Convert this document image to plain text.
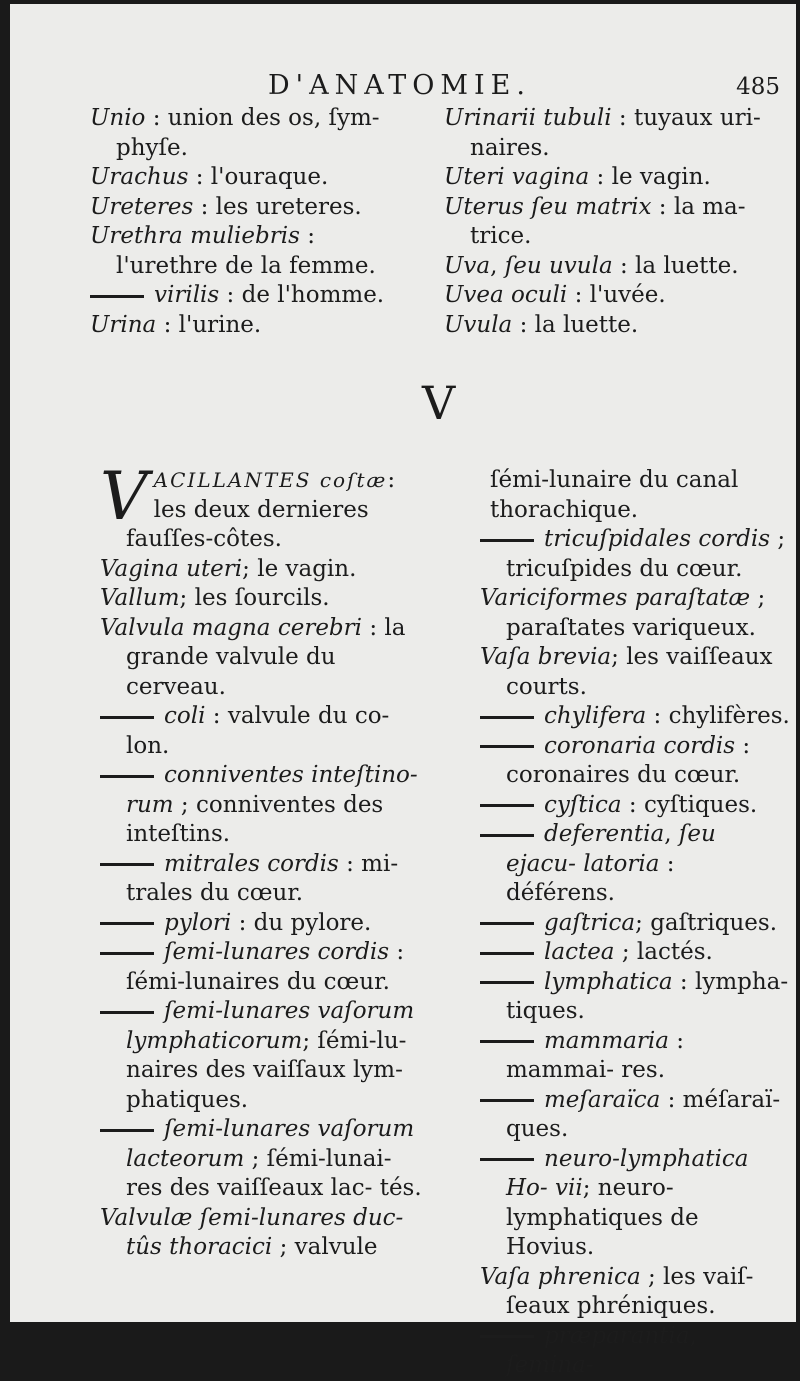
D'ANATOMIE.	485

Unio : union des os, ſym- phyſe.

Urachus : l'ouraque.

Ureteres : les ureteres.

Urethra muliebris : l'urethre de la femme.

virilis : de l'homme.

Urina : l'urine.

Urinarii tubuli : tuyaux uri- naires.

Uteri vagina : le vagin.

Uterus ſeu matrix : la ma- trice.

Uva, ſeu uvula : la luette.

Uvea oculi : l'uvée.

Uvula : la luette.

V

VACILLANTES coſtæ: les deux dernieres fauſſes-côtes.

Vagina uteri; le vagin.

Vallum; les ſourcils.

Valvula magna cerebri : la grande valvule du cerveau.

coli : valvule du co- lon.

conniventes inteſtino- rum ; conniventes des inteſtins.

mitrales cordis : mi- trales du cœur.

pylori : du pylore.

ſemi-lunares cordis : ſémi-lunaires du cœur.

ſemi-lunares vaſorum lymphaticorum; ſémi-lu- naires des vaiſſaux lym- phatiques.

ſemi-lunares vaſorum lacteorum ; ſémi-lunai- res des vaiſſeaux lac- tés.

Valvulæ ſemi-lunares duc- tûs thoracici ; valvule

ſémi-lunaire du canal thorachique.

tricuſpidales cordis ; tricuſpides du cœur.

Variciformes paraſtatæ ; paraſtates variqueux.

Vaſa brevia; les vaiſſeaux courts.

chylifera : chylifères.

coronaria cordis : coronaires du cœur.

cyſtica : cyſtiques.

deferentia, ſeu ejacu- latoria : déférens.

gaſtrica; gaſtriques.

lactea ; lactés.

lymphatica : lympha- tiques.

mammaria : mammai- res.

meſaraïca : méſaraï- ques.

neuro-lymphatica Ho- vii; neuro-lymphatiques de Hovius.

Vaſa phrenica ; les vaiſ- ſeaux phréniques.

præparantia, ſemina-
